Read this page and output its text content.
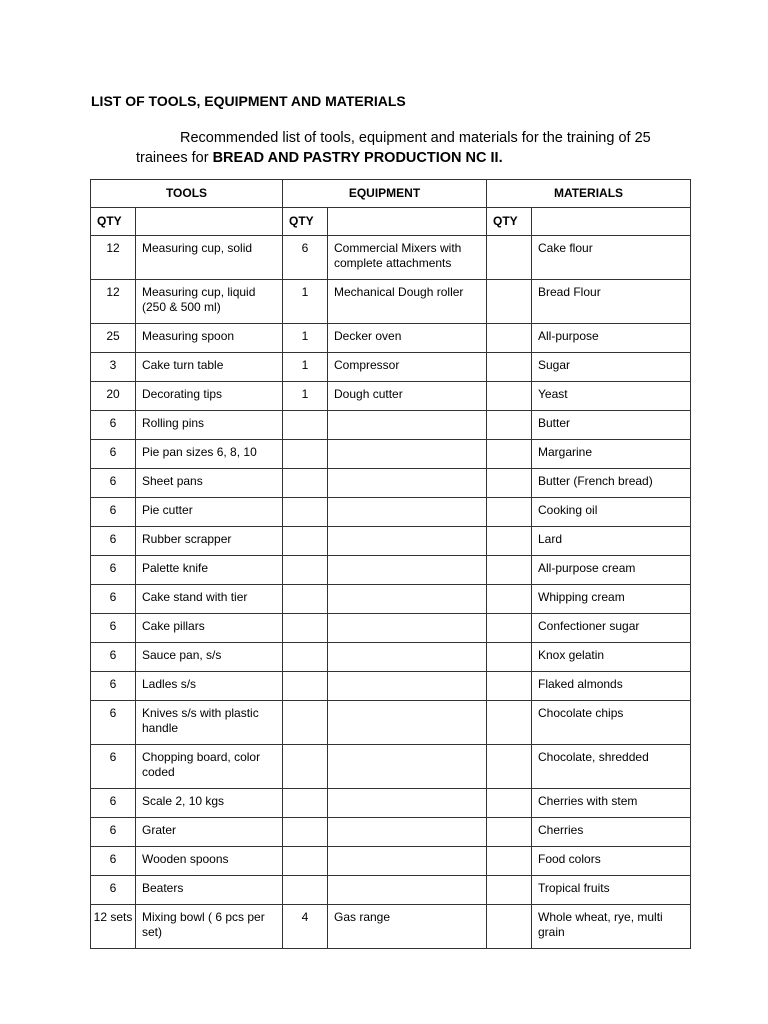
LIST OF TOOLS, EQUIPMENT AND MATERIALS

Recommended list of tools, equipment and materials for the training of 25 trainees for BREAD AND PASTRY PRODUCTION NC II.

TOOLS		EQUIPMENT		MATERIALS	
QTY		QTY		QTY	
12	Measuring cup, solid	6	Commercial Mixers with complete attachments		Cake flour
12	Measuring cup, liquid (250 & 500 ml)	1	Mechanical Dough roller		Bread Flour
25	Measuring spoon	1	Decker oven		All-purpose
3	Cake turn table	1	Compressor		Sugar
20	Decorating tips	1	Dough cutter		Yeast
6	Rolling pins				Butter
6	Pie pan sizes 6, 8, 10				Margarine
6	Sheet pans				Butter (French bread)
6	Pie cutter				Cooking oil
6	Rubber scrapper				Lard
6	Palette knife				All-purpose cream
6	Cake stand with tier				Whipping cream
6	Cake pillars				Confectioner sugar
6	Sauce pan, s/s				Knox gelatin
6	Ladles s/s				Flaked almonds
6	Knives s/s with plastic handle				Chocolate chips
6	Chopping board, color coded				Chocolate, shredded
6	Scale 2, 10 kgs				Cherries with stem
6	Grater				Cherries
6	Wooden spoons				Food colors
6	Beaters				Tropical fruits
12 sets	Mixing bowl ( 6 pcs per set)	4	Gas range		Whole wheat, rye, multi grain
